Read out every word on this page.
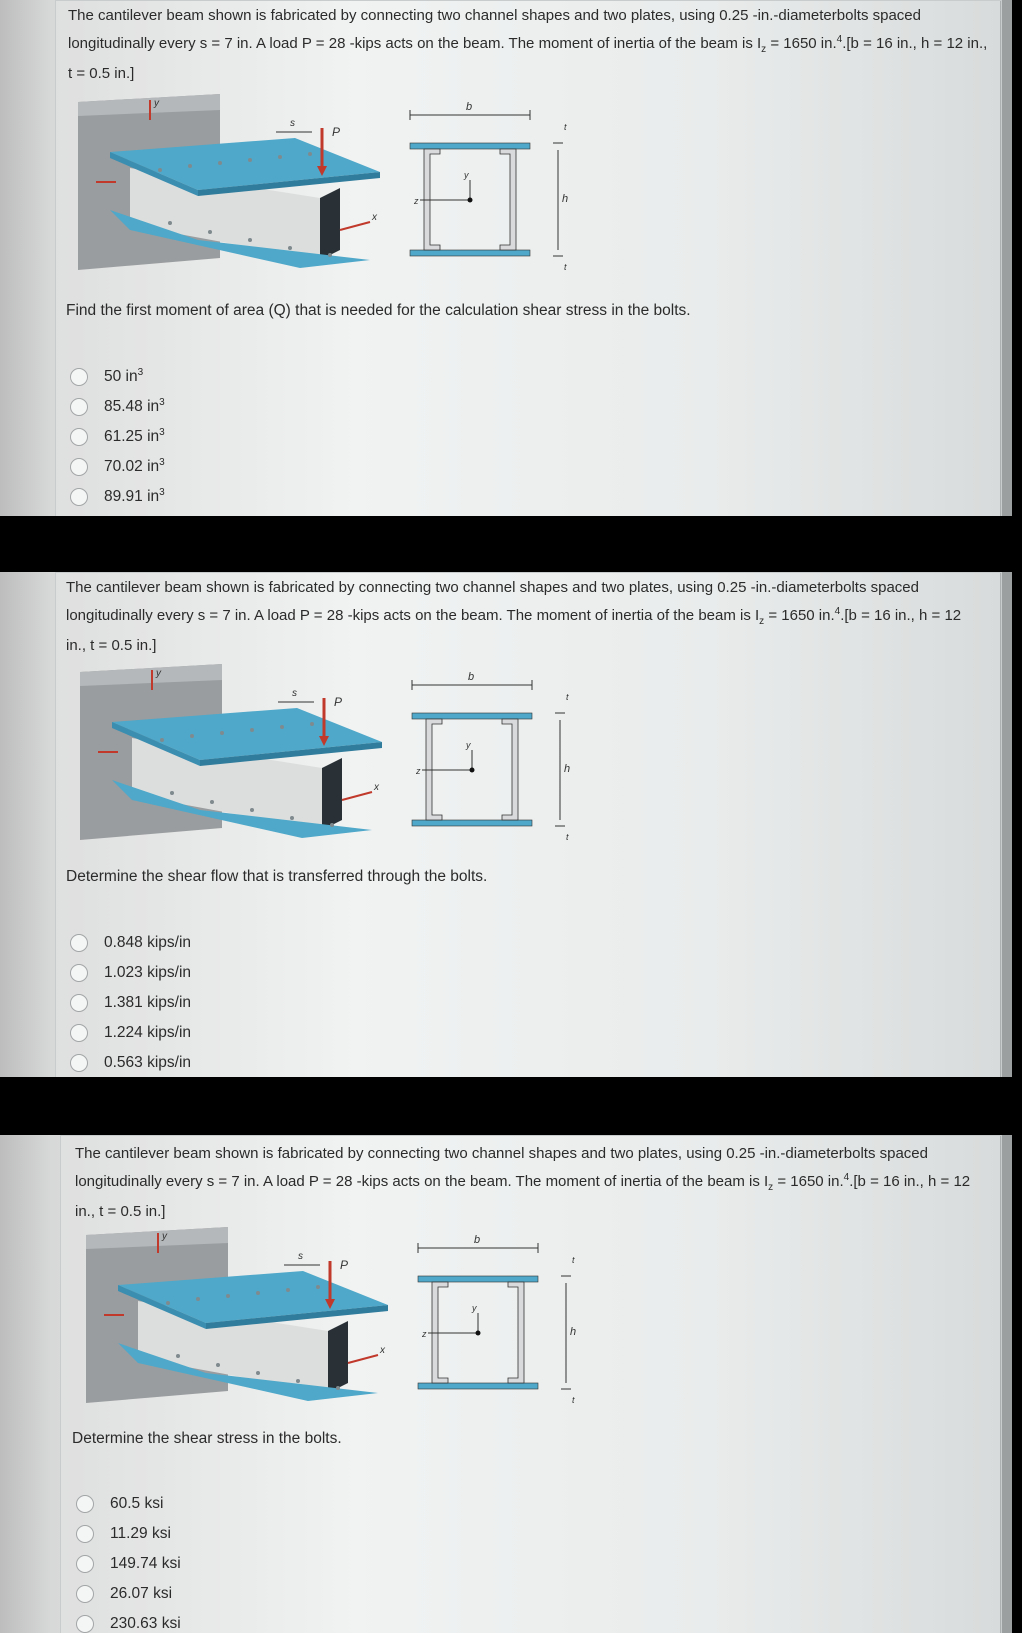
The cantilever beam shown is fabricated by connecting two channel shapes and two plates, using 0.25 -in.-diameterbolts spaced longitudinally every s = 7 in. A load P = 28 -kips acts on the beam. The moment of inertia of the beam is $I_z = 1650$ in.$^4$.[b = 16 in., h = 12 in., t = 0.5 in.]

P
s
y
x
b
z
y
h
t
t
Find the first moment of area (Q) that is needed for the calculation shear stress in the bolts.
50 $in^3$
85.48 $in^3$
61.25 $in^3$
70.02 $in^3$
89.91 $in^3$

The cantilever beam shown is fabricated by connecting two channel shapes and two plates, using 0.25 -in.-diameterbolts spaced longitudinally every s = 7 in. A load P = 28 -kips acts on the beam. The moment of inertia of the beam is $I_z = 1650$ in.$^4$.[b = 16 in., h = 12 in., t = 0.5 in.]

P
s
y
x
b
z
y
h
t
t
Determine the shear flow that is transferred through the bolts.
0.848 kips/in
1.023 kips/in
1.381 kips/in
1.224 kips/in
0.563 kips/in

The cantilever beam shown is fabricated by connecting two channel shapes and two plates, using 0.25 -in.-diameterbolts spaced longitudinally every s = 7 in. A load P = 28 -kips acts on the beam. The moment of inertia of the beam is $I_z = 1650$ in.$^4$.[b = 16 in., h = 12 in., t = 0.5 in.]

P
s
y
x
b
z
y
h
t
t
Determine the shear stress in the bolts.
60.5 ksi
11.29 ksi
149.74 ksi
26.07 ksi
230.63 ksi
